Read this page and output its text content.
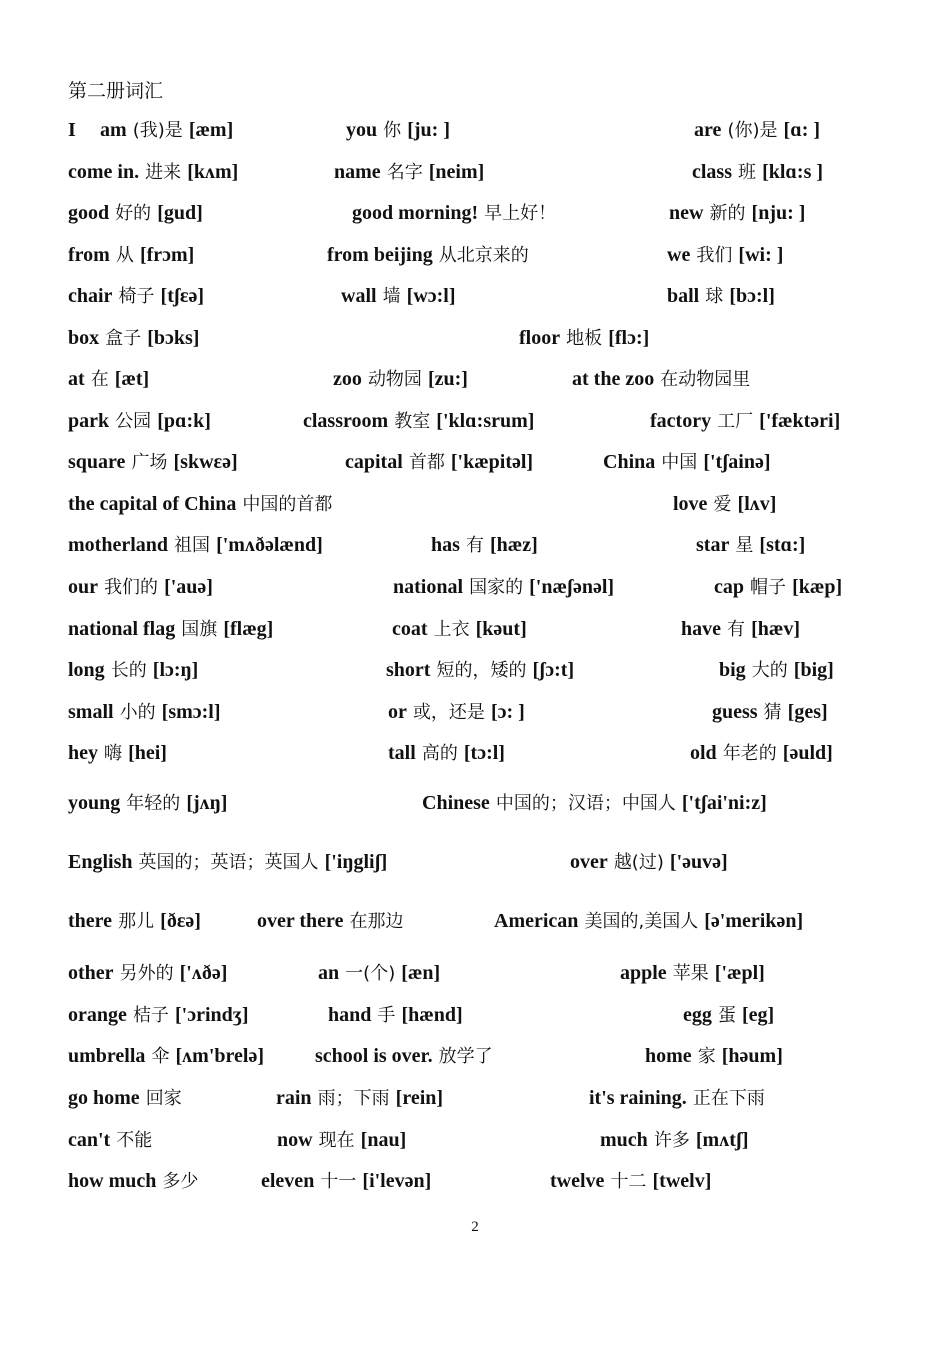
第二册词汇
I am (我)是 [æm]	you 你 [ju: ]	are (你)是 [ɑ: ]
come in. 进来 [kʌm]	name 名字 [neim]	class 班 [klɑ:s ]
good 好的 [gud]	good morning! 早上好！	new 新的 [nju: ]
from 从 [frɔm]	from beijing 从北京来的	we 我们 [wi: ]
chair 椅子 [tʃɛə]	wall 墙 [wɔ:l]	ball 球 [bɔ:l]
box 盒子 [bɔks]	floor 地板 [flɔ:]
at 在 [æt]	zoo 动物园 [zu:]	at the zoo 在动物园里
park 公园 [pɑ:k]	classroom 教室 ['klɑ:srum]	factory 工厂 ['fæktəri]
square 广场 [skwεə]	capital 首都 ['kæpitəl]	China 中国 ['tʃainə]
the capital of China 中国的首都	love 爱 [lʌv]
motherland 祖国 ['mʌðəlænd]	has 有 [hæz]	star 星 [stɑ:]
our 我们的 ['auə]	national 国家的 ['næʃənəl]	cap 帽子 [kæp]
national flag 国旗 [flæg]	coat 上衣 [kəut]	have 有 [hæv]
long 长的 [lɔ:ŋ]	short 短的，矮的 [ʃɔ:t]	big 大的 [big]
small 小的 [smɔ:l]	or 或，还是 [ɔ: ]	guess 猜 [ges]
hey 嗨 [hei]	tall 高的 [tɔ:l]	old 年老的 [əuld]
young 年轻的 [jʌŋ]	Chinese 中国的；汉语；中国人 ['tʃai'ni:z]
English 英国的；英语；英国人 ['iŋgliʃ]	over 越(过) ['əuvə]
there 那儿 [ðεə]	over there 在那边	American 美国的,美国人 [ə'merikən]
other 另外的 ['ʌðə]	an 一(个) [æn]	apple 苹果 ['æpl]
orange 桔子 ['ɔrindʒ]	hand 手 [hænd]	egg 蛋 [eg]
umbrella 伞 [ʌm'brelə]	school is over. 放学了	home 家 [həum]
go home 回家	rain 雨；下雨 [rein]	it's raining. 正在下雨
can't 不能	now 现在 [nau]	much 许多 [mʌtʃ]
how much 多少	eleven 十一 [i'levən]	twelve 十二 [twelv]
2
